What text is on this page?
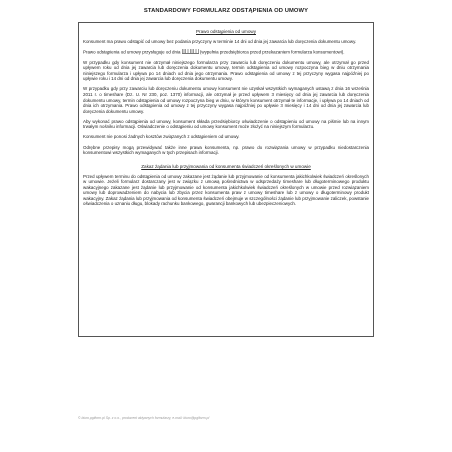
STANDARDOWY FORMULARZ ODSTĄPIENIA OD UMOWY
Prawo odstąpienia od umowy

Konsument ma prawo odstąpić od umowy bez podania przyczyny w terminie 14 dni od dnia jej zawarcia lub doręczenia dokumentu umowy.

Prawo odstąpienia od umowy przysługuje od dnia	(wypełnia przedsiębiorca przed przekazaniem formularza konsumentowi).

W przypadku gdy konsument nie otrzymał niniejszego formularza przy zawarciu lub doręczeniu dokumentu umowy, ale otrzymał go przed upływem roku od dnia jej zawarcia lub doręczenia dokumentu umowy, termin odstąpienia od umowy rozpoczyna bieg w dniu otrzymania niniejszego formularza i upływa po 14 dniach od dnia jego otrzymania. Prawo odstąpienia od umowy z tej przyczyny wygasa najpóźniej po upływie roku i 14 dni od dnia jej zawarcia lub doręczenia dokumentu umowy.

W przypadku gdy przy zawarciu lub doręczeniu dokumentu umowy konsument nie uzyskał wszystkich wymaganych ustawą z dnia 16 września 2011 r. o timeshare (Dz. U. Nr 230, poz. 1370) informacji, ale otrzymał je przed upływem 3 miesięcy od dnia jej zawarcia lub doręczenia dokumentu umowy, termin odstąpienia od umowy rozpoczyna bieg w dniu, w którym konsument otrzymał te informacje, i upływa po 14 dniach od dnia ich otrzymania. Prawo odstąpienia od umowy z tej przyczyny wygasa najpóźniej po upływie 3 miesięcy i 14 dni od dnia jej zawarcia lub doręczenia dokumentu umowy.

Aby wykonać prawo odstąpienia od umowy, konsument składa przedsiębiorcy oświadczenie o odstąpieniu od umowy na piśmie lub na innym trwałym nośniku informacji. Oświadczenie o odstąpieniu od umowy konsument może złożyć na niniejszym formularzu.

Konsument nie ponosi żadnych kosztów związanych z odstąpieniem od umowy.

Odrębne przepisy mogą przewidywać także inne prawa konsumenta, np. prawo do rozwiązania umowy w przypadku niedostarczenia konsumentowi wszystkich wymaganych w tych przepisach informacji.

Zakaz żądania lub przyjmowania od konsumenta świadczeń określonych w umowie

Przed upływem terminu do odstąpienia od umowy zakazane jest żądanie lub przyjmowanie od konsumenta jakichkolwiek świadczeń określonych w umowie. Jeżeli formularz dostarczany jest w związku z umową pośrednictwa w odsprzedaży timeshare lub długoterminowego produktu wakacyjnego zakazane jest żądanie lub przyjmowanie od konsumenta jakichkolwiek świadczeń określonych w umowie przed rozwiązaniem umowy lub doprowadzeniem do nabycia lub zbycia przez konsumenta praw z umowy timeshare lub z umowy o długoterminowy produkt wakacyjny. Zakaz żądania lub przyjmowania od konsumenta świadczeń obejmuje w szczególności żądanie lub przyjmowanie zaliczek, powstanie oświadczenia o uznaniu długu, blokady rachunku bankowego, gwarancji bankowych lub ubezpieczeniowych.

© biuro.pgiform.pl Sp. z o.o., producent aktywnych formularzy, e-mail: biuro@pgiform.pl
